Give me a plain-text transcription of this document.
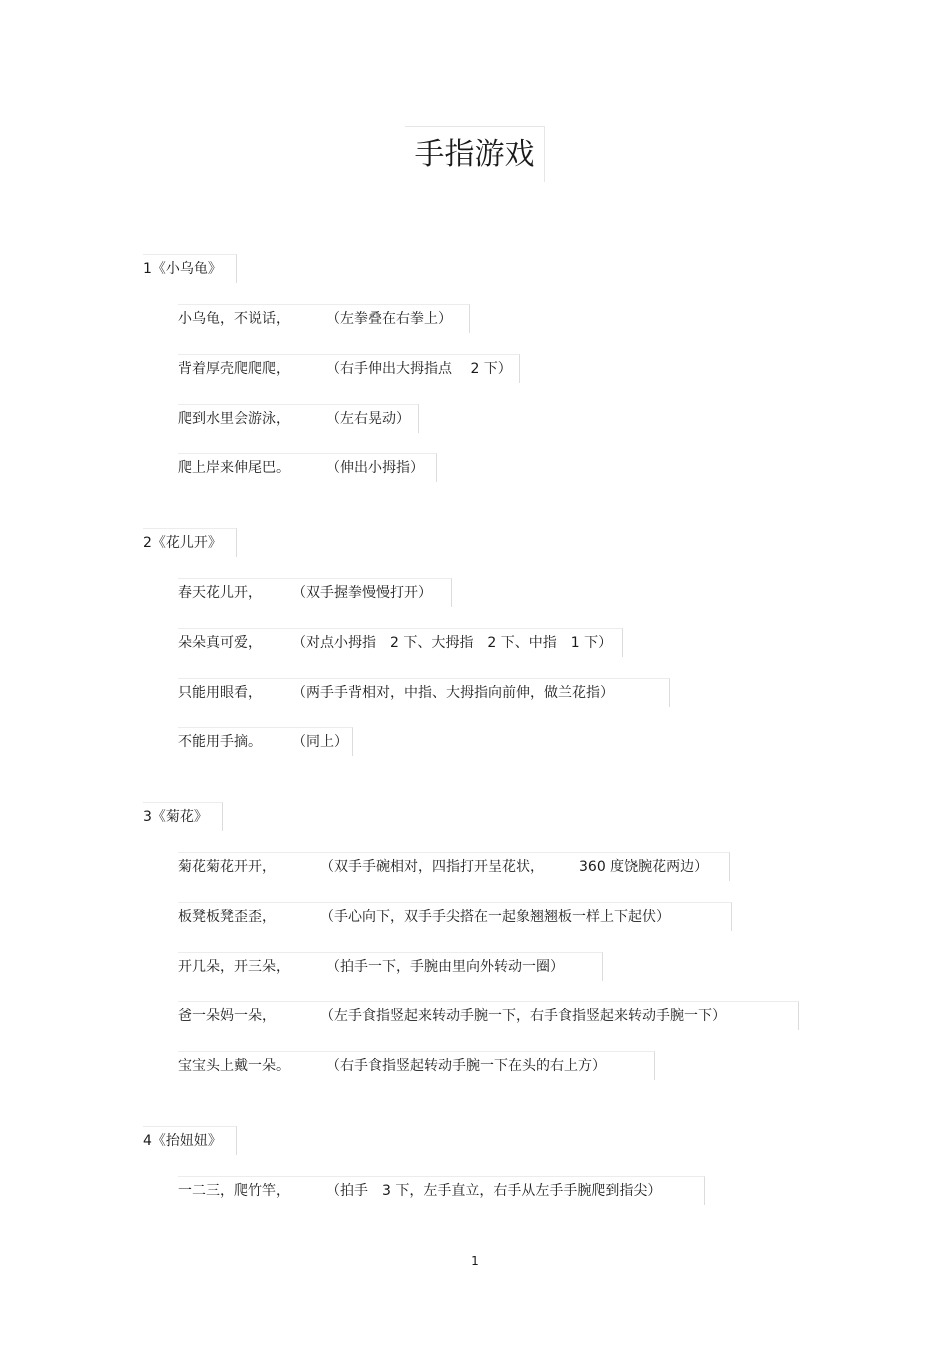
手指游戏
1《小乌龟》
小乌龟，不说话，	（左拳叠在右拳上）
背着厚壳爬爬爬，	（右手伸出大拇指点　 2 下）
爬到水里会游泳，	（左右晃动）
爬上岸来伸尾巴。	（伸出小拇指）
2《花儿开》
春天花儿开， （双手握拳慢慢打开）
朵朵真可爱， （对点小拇指　2 下、大拇指　2 下、中指　1 下）
只能用眼看， （两手手背相对，中指、大拇指向前伸，做兰花指）
不能用手摘。 （同上）
3《菊花》
菊花菊花开开，	（双手手碗相对，四指打开呈花状，　　　360 度饶腕花两边）
板凳板凳歪歪，	（手心向下，双手手尖搭在一起象翘翘板一样上下起伏）
开几朵，开三朵，	（拍手一下，手腕由里向外转动一圈）
爸一朵妈一朵，	（左手食指竖起来转动手腕一下，右手食指竖起来转动手腕一下）
宝宝头上戴一朵。	（右手食指竖起转动手腕一下在头的右上方）
4《抬妞妞》
一二三，爬竹竿，	（拍手　3 下，左手直立，右手从左手手腕爬到指尖）
1
